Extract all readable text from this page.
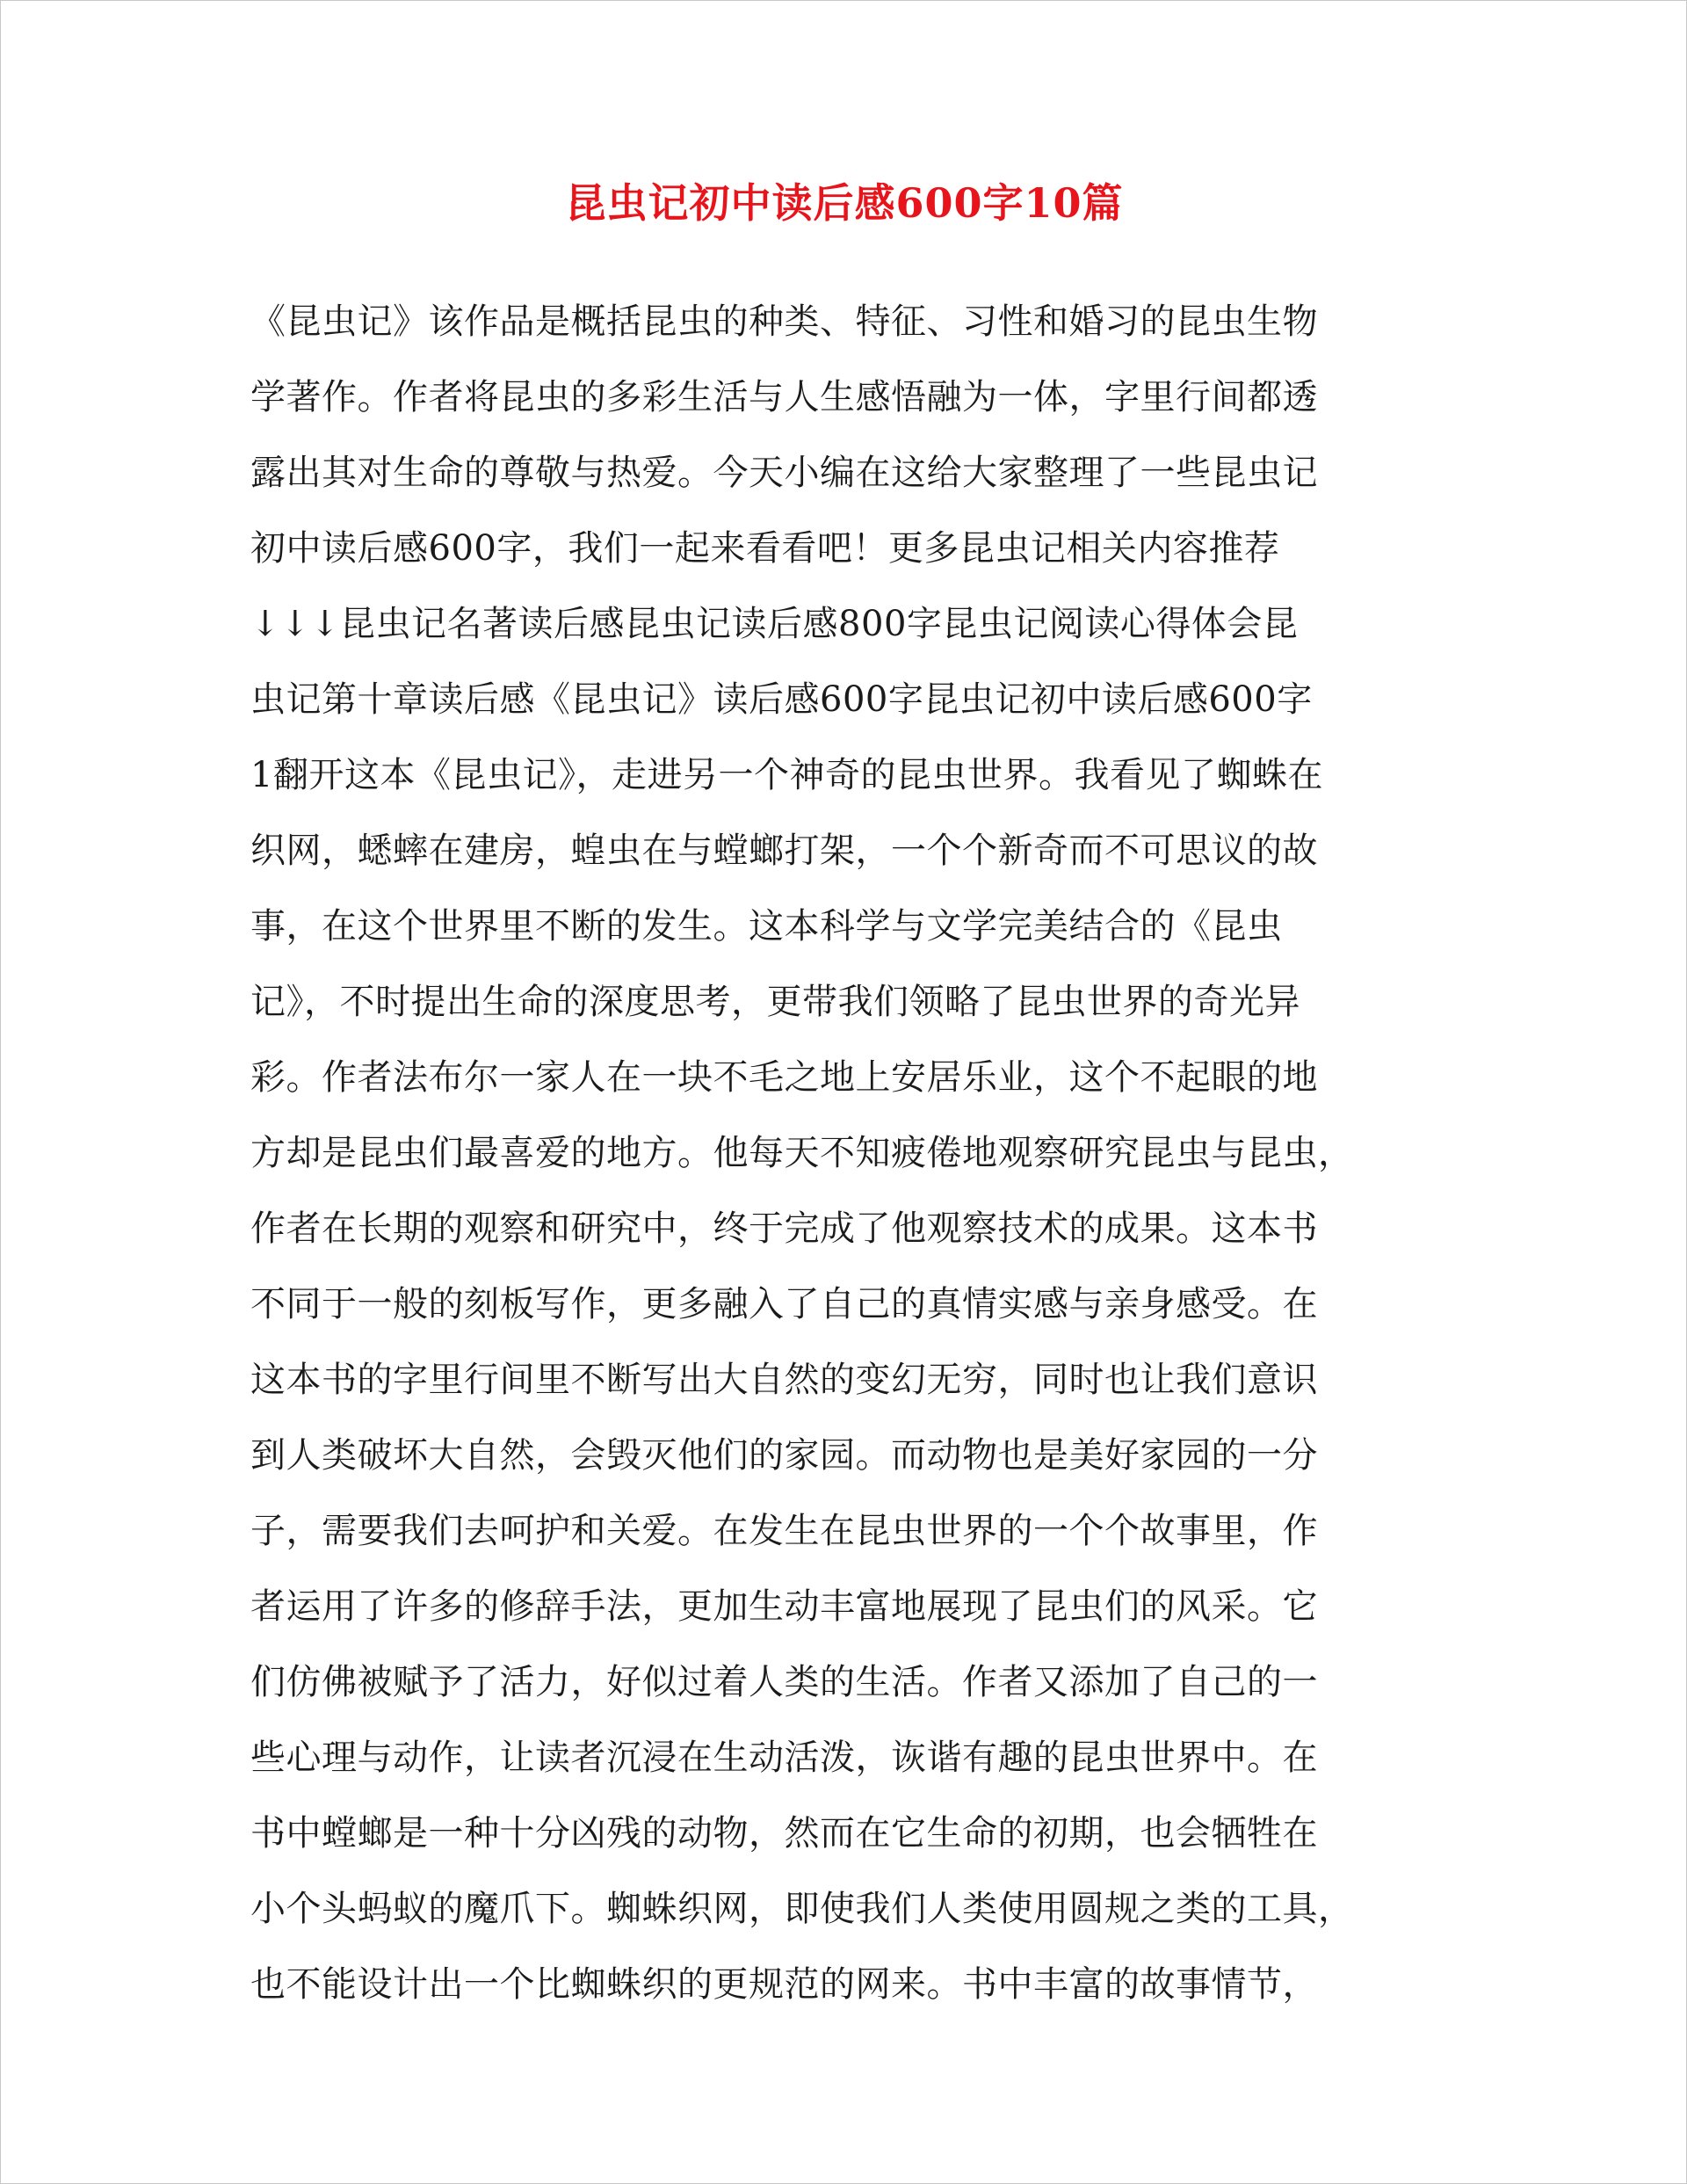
昆虫记初中读后感600字10篇
《昆虫记》该作品是概括昆虫的种类、特征、习性和婚习的昆虫生物
学著作。作者将昆虫的多彩生活与人生感悟融为一体，字里行间都透
露出其对生命的尊敬与热爱。今天小编在这给大家整理了一些昆虫记
初中读后感600字，我们一起来看看吧！更多昆虫记相关内容推荐
↓↓↓昆虫记名著读后感昆虫记读后感800字昆虫记阅读心得体会昆
虫记第十章读后感《昆虫记》读后感600字昆虫记初中读后感600字
1翻开这本《昆虫记》，走进另一个神奇的昆虫世界。我看见了蜘蛛在
织网，蟋蟀在建房，蝗虫在与螳螂打架，一个个新奇而不可思议的故
事，在这个世界里不断的发生。这本科学与文学完美结合的《昆虫
记》，不时提出生命的深度思考，更带我们领略了昆虫世界的奇光异
彩。作者法布尔一家人在一块不毛之地上安居乐业，这个不起眼的地
方却是昆虫们最喜爱的地方。他每天不知疲倦地观察研究昆虫与昆虫，
作者在长期的观察和研究中，终于完成了他观察技术的成果。这本书
不同于一般的刻板写作，更多融入了自己的真情实感与亲身感受。在
这本书的字里行间里不断写出大自然的变幻无穷，同时也让我们意识
到人类破坏大自然，会毁灭他们的家园。而动物也是美好家园的一分
子，需要我们去呵护和关爱。在发生在昆虫世界的一个个故事里，作
者运用了许多的修辞手法，更加生动丰富地展现了昆虫们的风采。它
们仿佛被赋予了活力，好似过着人类的生活。作者又添加了自己的一
些心理与动作，让读者沉浸在生动活泼，诙谐有趣的昆虫世界中。在
书中螳螂是一种十分凶残的动物，然而在它生命的初期，也会牺牲在
小个头蚂蚁的魔爪下。蜘蛛织网，即使我们人类使用圆规之类的工具，
也不能设计出一个比蜘蛛织的更规范的网来。书中丰富的故事情节，
